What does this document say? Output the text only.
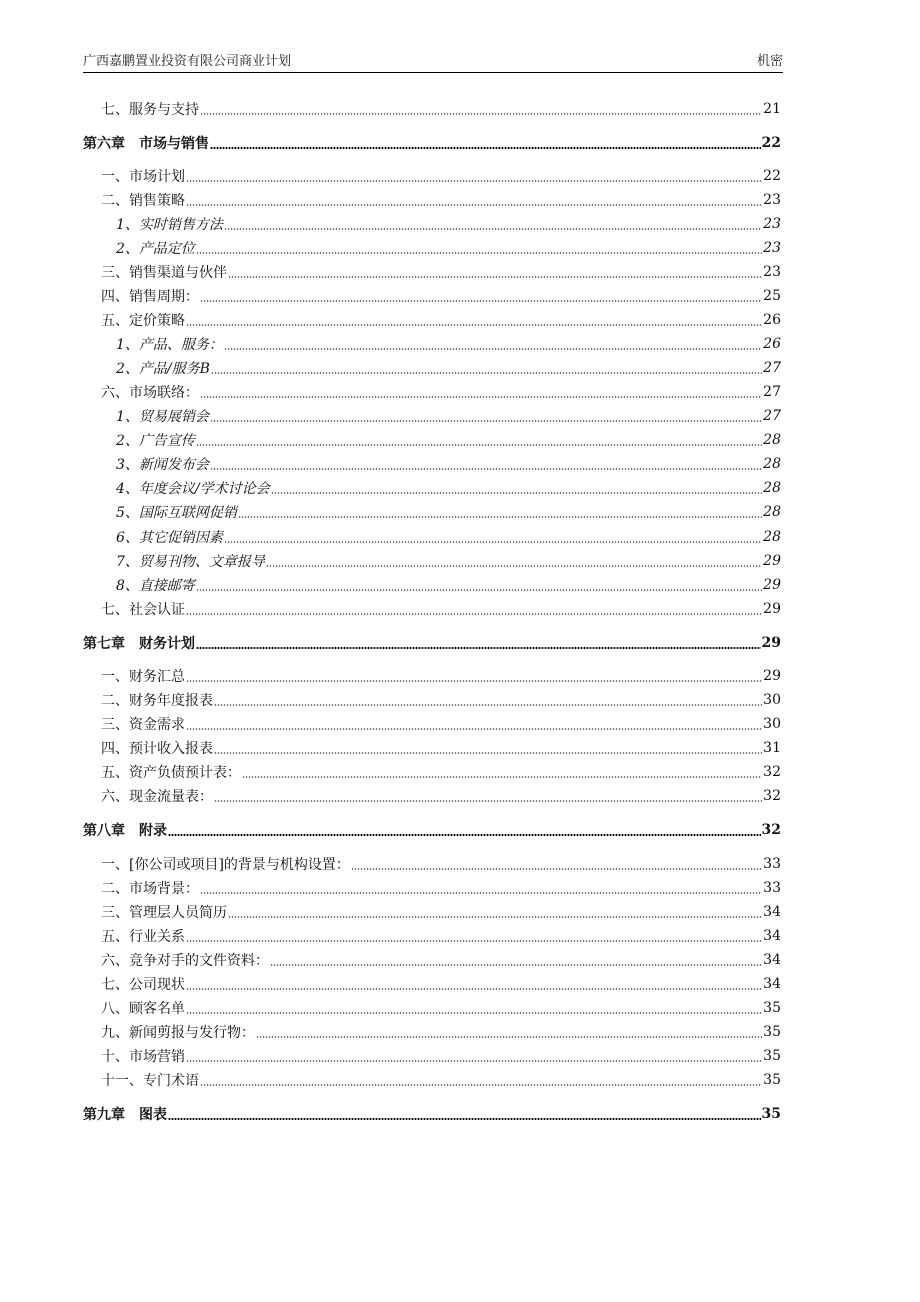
广西嘉鹏置业投资有限公司商业计划	机密
七、服务与支持	21
第六章　市场与销售	22
一、市场计划	22
二、销售策略	23
1、实时销售方法	23
2、产品定位	23
三、销售渠道与伙伴	23
四、销售周期：	25
五、定价策略	26
1、产品、服务：	26
2、产品/服务B	27
六、市场联络：	27
1、贸易展销会	27
2、广告宣传	28
3、新闻发布会	28
4、年度会议/学术讨论会	28
5、国际互联网促销	28
6、其它促销因素	28
7、贸易刊物、文章报导	29
8、直接邮寄	29
七、社会认证	29
第七章　财务计划	29
一、财务汇总	29
二、财务年度报表	30
三、资金需求	30
四、预计收入报表	31
五、资产负债预计表：	32
六、现金流量表：	32
第八章　附录	32
一、[你公司或项目]的背景与机构设置：	33
二、市场背景：	33
三、管理层人员简历	34
五、行业关系	34
六、竞争对手的文件资料：	34
七、公司现状	34
八、顾客名单	35
九、新闻剪报与发行物：	35
十、市场营销	35
十一、专门术语	35
第九章　图表	35
